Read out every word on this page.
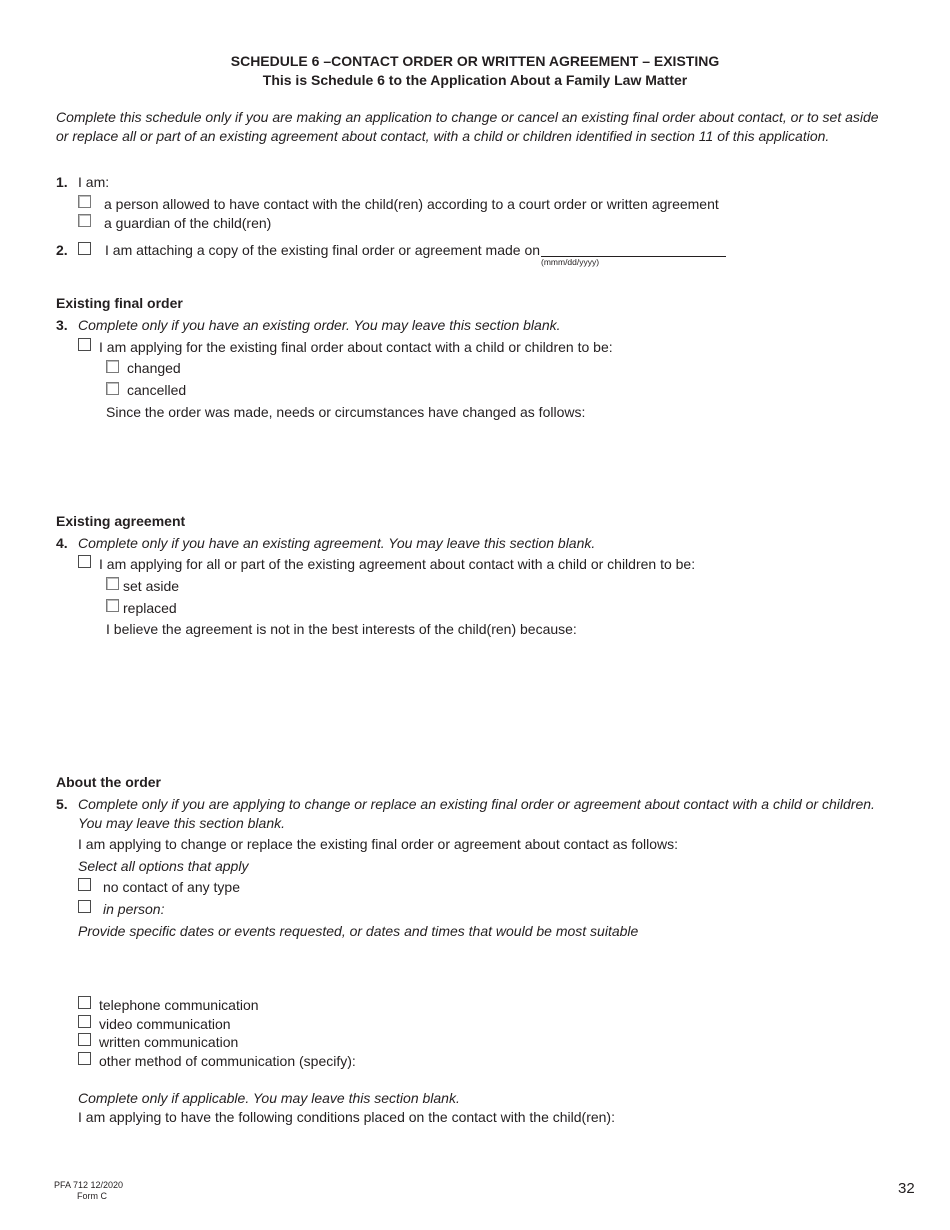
SCHEDULE 6 –CONTACT ORDER OR WRITTEN AGREEMENT – EXISTING
This is Schedule 6 to the Application About a Family Law Matter
Complete this schedule only if you are making an application to change or cancel an existing final order about contact, or to set aside
or replace all or part of an existing agreement about contact, with a child or children identified in section 11 of this application.
1. I am:
a person allowed to have contact with the child(ren) according to a court order or written agreement
a guardian of the child(ren)
2.	I am attaching a copy of the existing final order or agreement made on
(mmm/dd/yyyy)
Existing final order
3. Complete only if you have an existing order. You may leave this section blank.
I am applying for the existing final order about contact with a child or children to be:
changed
cancelled
Since the order was made, needs or circumstances have changed as follows:
Existing agreement
4. Complete only if you have an existing agreement. You may leave this section blank.
I am applying for all or part of the existing agreement about contact with a child or children to be:
set aside
replaced
I believe the agreement is not in the best interests of the child(ren) because:
About the order
5. Complete only if you are applying to change or replace an existing final order or agreement about contact with a child or children.
You may leave this section blank.
I am applying to change or replace the existing final order or agreement about contact as follows:
Select all options that apply
no contact of any type
in person:
Provide specific dates or events requested, or dates and times that would be most suitable
telephone communication
video communication
written communication
other method of communication (specify):
Complete only if applicable. You may leave this section blank.
I am applying to have the following conditions placed on the contact with the child(ren):
PFA 712 12/2020
Form C	32
